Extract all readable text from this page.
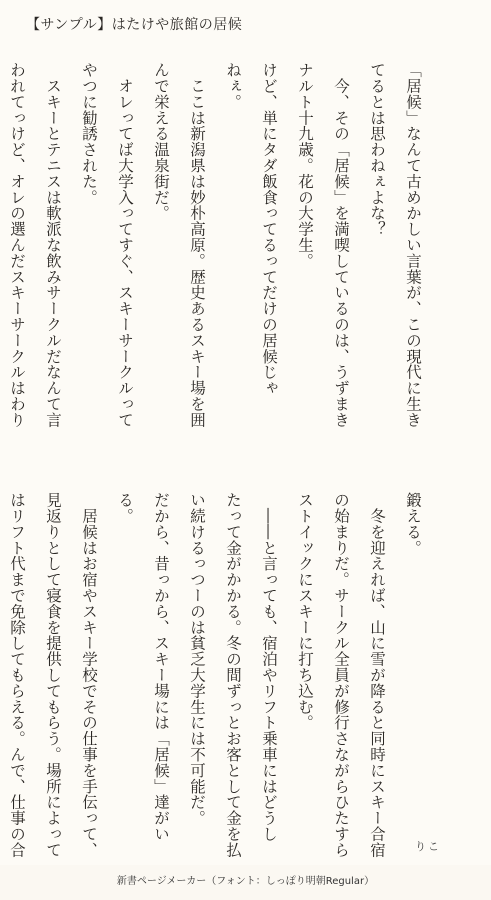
【サンプル】はたけや旅館の居候

「居候」なんて古めかしい言葉が、この現代に生き

てるとは思わねぇよな？

　今、その「居候」を満喫しているのは、うずまき

ナルト十九歳。花の大学生。

けど、単にタダ飯食ってるってだけの居候じゃ

ねぇ。

　ここは新潟県は妙朴高原。歴史あるスキー場を囲

んで栄える温泉街だ。

　オレってば大学入ってすぐ、スキーサークルって

やつに勧誘された。

　スキーとテニスは軟派な飲みサークルだなんて言

われてっけど、オレの選んだスキーサークルはわり

鍛える。

　冬を迎えれば、山に雪が降ると同時にスキー合宿

の始まりだ。サークル全員が修行さながらひたすら

ストイックにスキーに打ち込む。

　――と言っても、宿泊やリフト乗車にはどうし

たって金がかかる。冬の間ずっとお客として金を払

い続けるっつーのは貧乏大学生には不可能だ。

だから、昔っから、スキー場には「居候」達がい

る。

　居候はお宿やスキー学校でその仕事を手伝って、

見返りとして寝食を提供してもらう。場所によって

はリフト代まで免除してもらえる。んで、仕事の合	りこ
新書ページメーカー（フォント：しっぽり明朝Regular）
